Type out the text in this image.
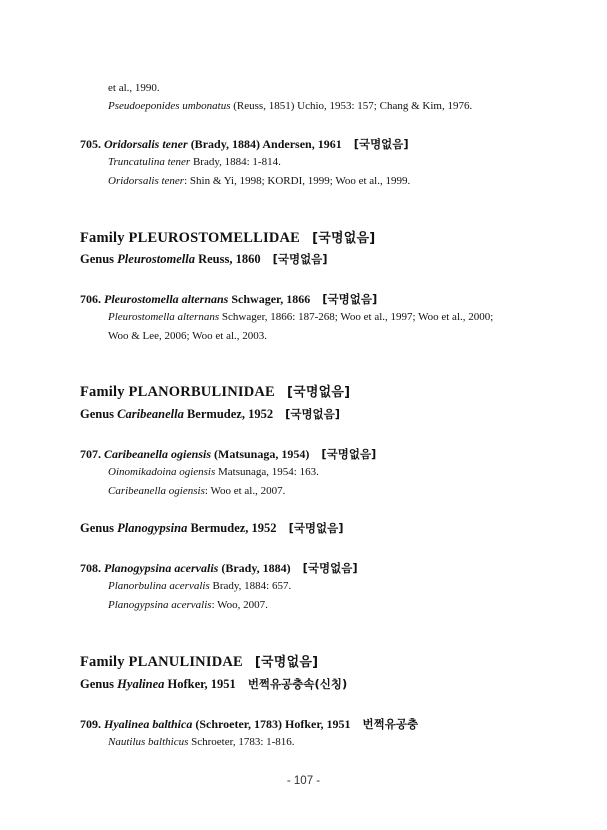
et al., 1990.
Pseudoeponides umbonatus (Reuss, 1851) Uchio, 1953: 157; Chang & Kim, 1976.
705. Oridorsalis tener (Brady, 1884) Andersen, 1961 [국명없음]
Truncatulina tener Brady, 1884: 1-814.
Oridorsalis tener: Shin & Yi, 1998; KORDI, 1999; Woo et al., 1999.
Family PLEUROSTOMELLIDAE [국명없음]
Genus Pleurostomella Reuss, 1860 [국명없음]
706. Pleurostomella alternans Schwager, 1866 [국명없음]
Pleurostomella alternans Schwager, 1866: 187-268; Woo et al., 1997; Woo et al., 2000;
Woo & Lee, 2006; Woo et al., 2003.
Family PLANORBULINIDAE [국명없음]
Genus Caribeanella Bermudez, 1952 [국명없음]
707. Caribeanella ogiensis (Matsunaga, 1954) [국명없음]
Oinomikadoina ogiensis Matsunaga, 1954: 163.
Caribeanella ogiensis: Woo et al., 2007.
Genus Planogypsina Bermudez, 1952 [국명없음]
708. Planogypsina acervalis (Brady, 1884) [국명없음]
Planorbulina acervalis Brady, 1884: 657.
Planogypsina acervalis: Woo, 2007.
Family PLANULINIDAE [국명없음]
Genus Hyalinea Hofker, 1951 번쩍유공충속(신칭)
709. Hyalinea balthica (Schroeter, 1783) Hofker, 1951 번쩍유공충
Nautilus balthicus Schroeter, 1783: 1-816.
- 107 -
